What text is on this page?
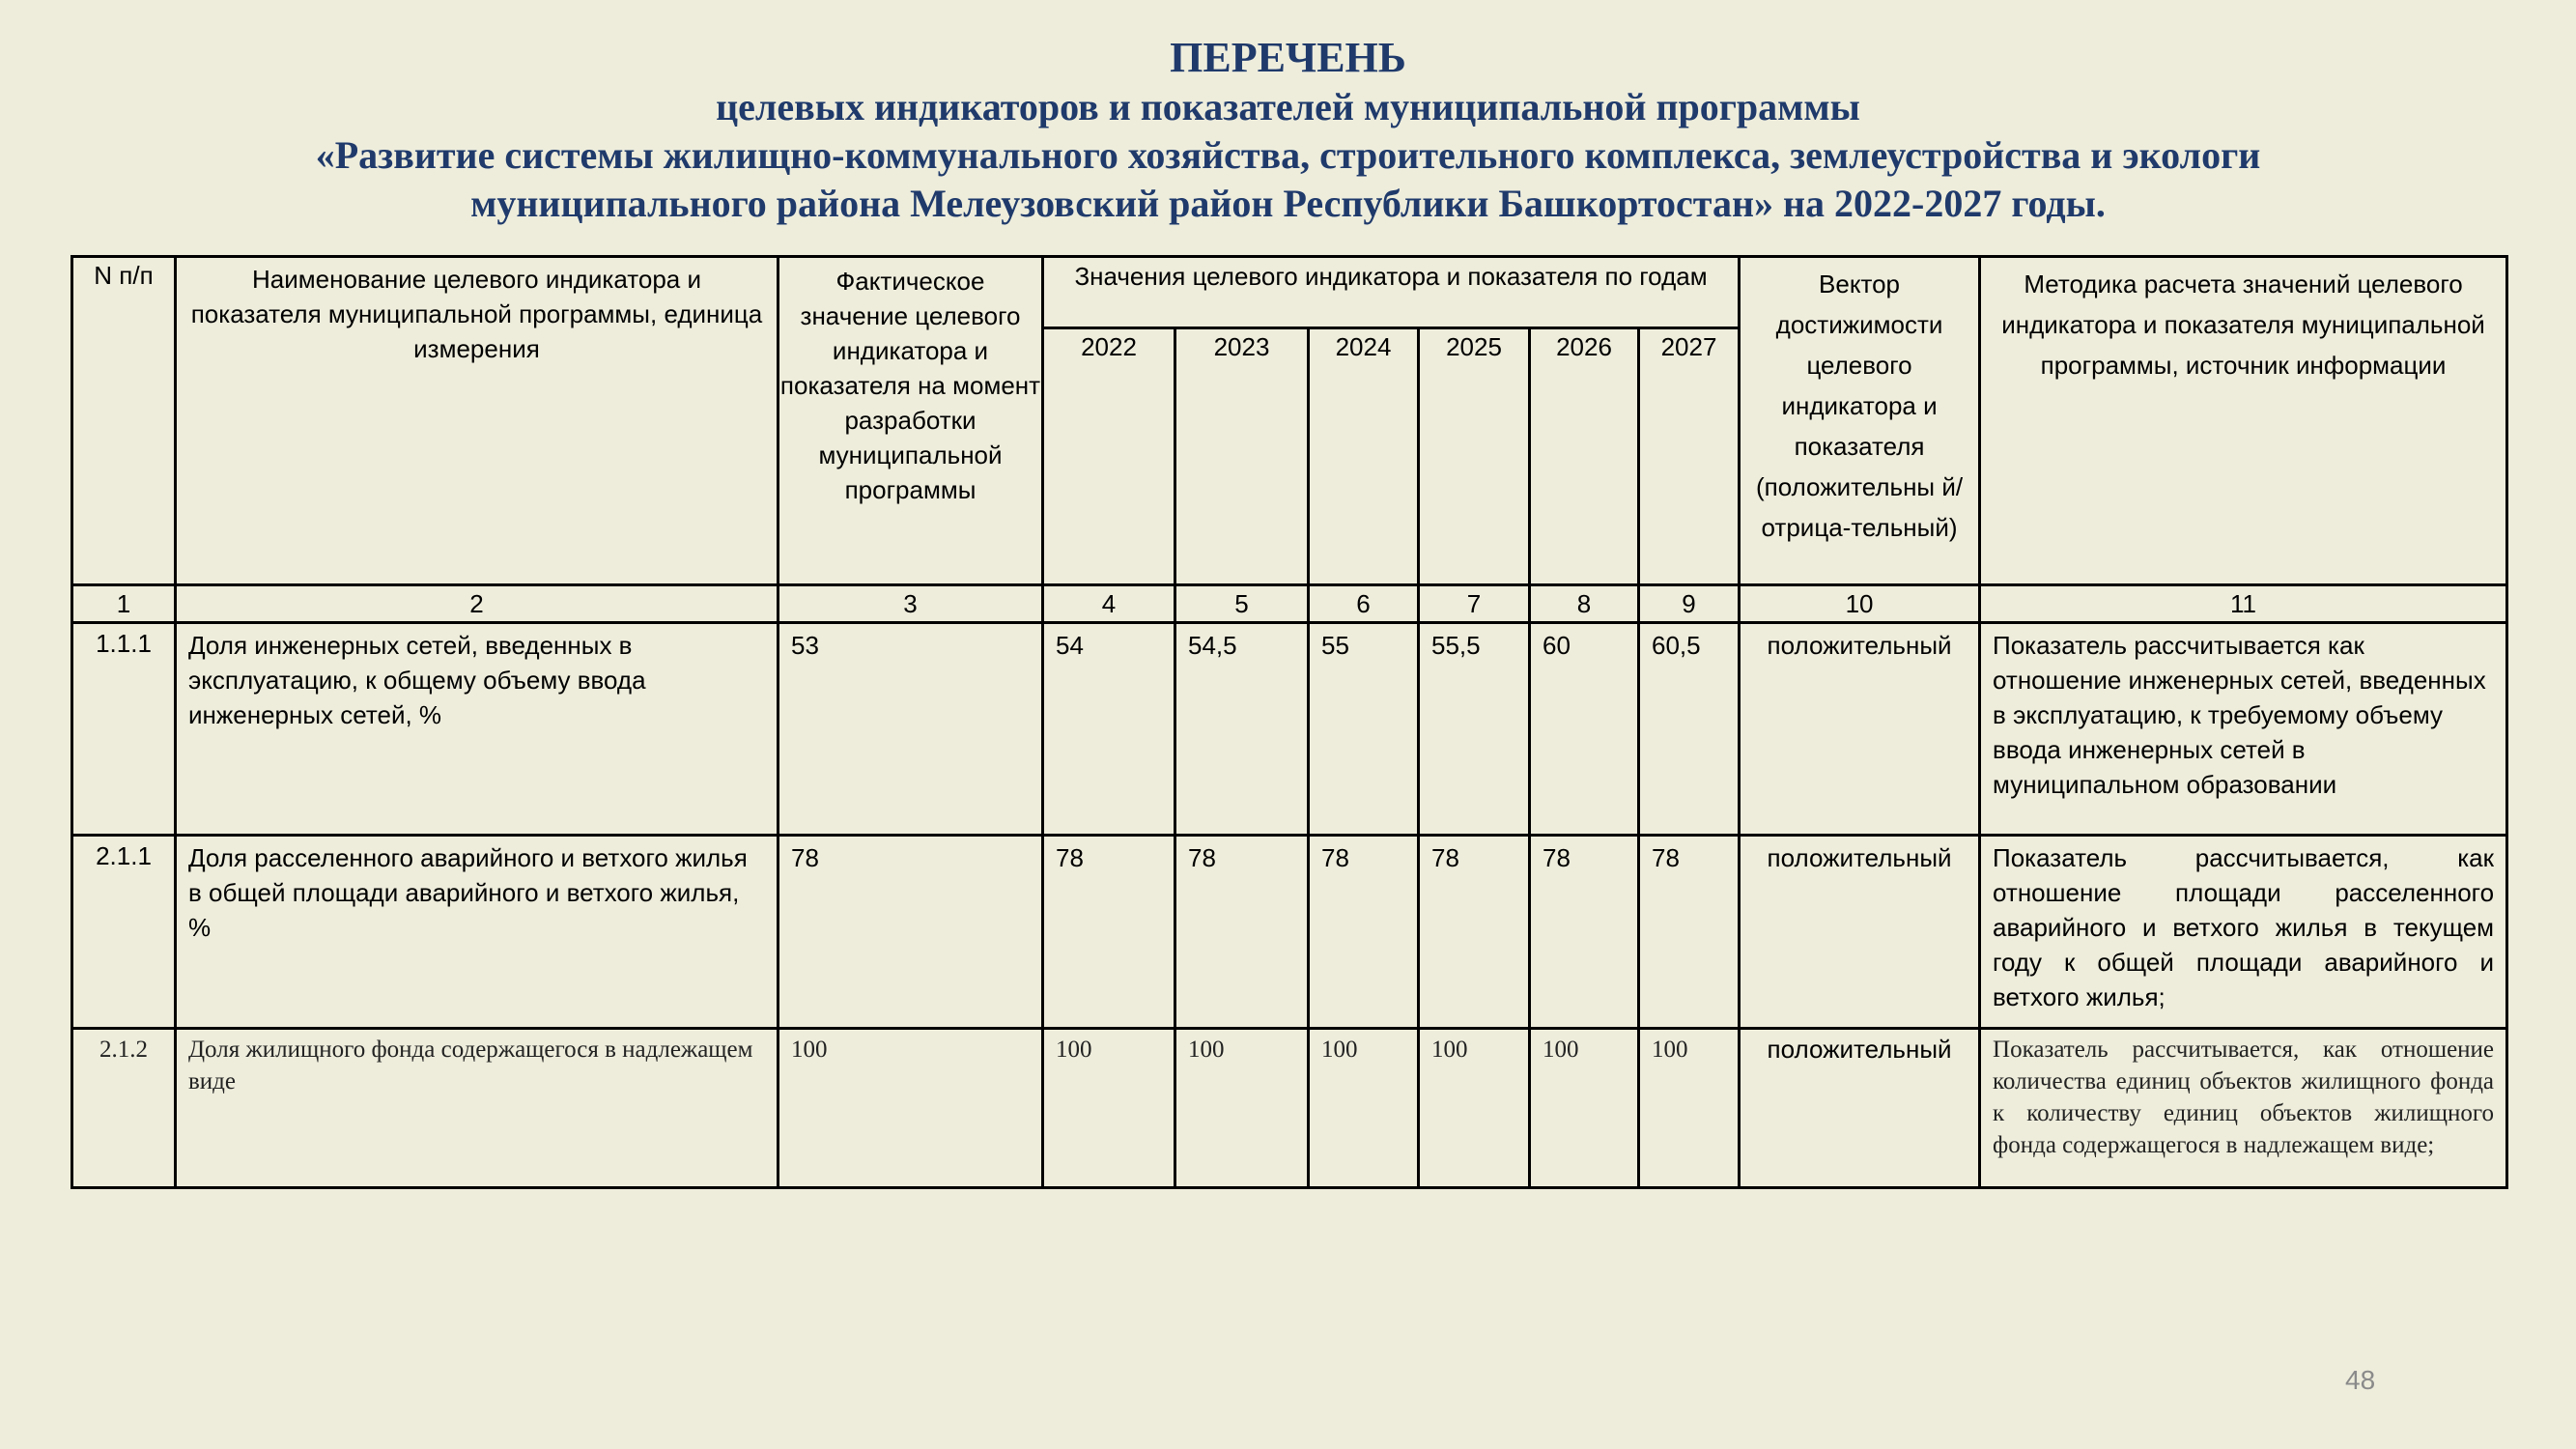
ПЕРЕЧЕНЬ
целевых индикаторов и показателей муниципальной программы
«Развитие системы жилищно-коммунального хозяйства, строительного комплекса, землеустройства и экологи
муниципального района Мелеузовский район Республики Башкортостан» на 2022-2027 годы.
N п/п	Наименование целевого индикатора и показателя муниципальной программы, единица измерения	Фактическое значение целевого индикатора и показателя на момент разработки муниципальной программы	Значения целевого индикатора и показателя по годам						Вектор достижимости целевого индикатора и показателя (положительны й/отрица-тельный)	Методика расчета значений целевого индикатора и показателя муниципальной программы, источник информации
			2022	2023	2024	2025	2026	2027		
1	2	3	4	5	6	7	8	9	10	11
1.1.1	Доля инженерных сетей, введенных в эксплуатацию, к общему объему ввода инженерных сетей, %	53	54	54,5	55	55,5	60	60,5	положительный	Показатель рассчитывается как отношение инженерных сетей, введенных в эксплуатацию, к требуемому объему ввода инженерных сетей в муниципальном образовании
2.1.1	Доля расселенного аварийного и ветхого жилья в общей площади аварийного и ветхого жилья, %	78	78	78	78	78	78	78	положительный	Показатель рассчитывается, как отношение площади расселенного аварийного и ветхого жилья в текущем году к общей площади аварийного и ветхого жилья;
2.1.2	Доля жилищного фонда содержащегося в надлежащем виде	100	100	100	100	100	100	100	положительный	Показатель рассчитывается, как отношение количества единиц объектов жилищного фонда к количеству единиц объектов жилищного фонда содержащегося в надлежащем виде;
48
